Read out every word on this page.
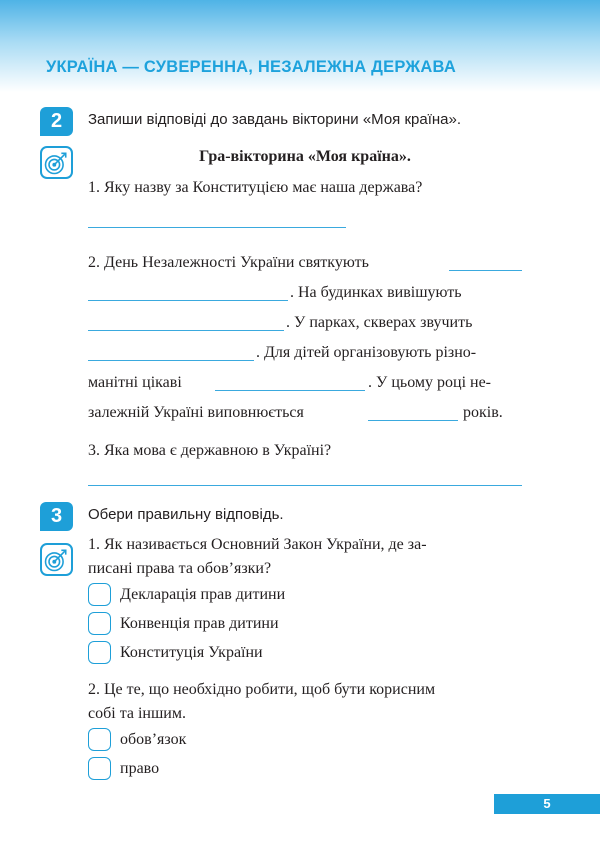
УКРАЇНА — СУВЕРЕННА, НЕЗАЛЕЖНА ДЕРЖАВА
2	Запиши відповіді до завдань вікторини «Моя країна».
Гра-вікторина «Моя країна».
1. Яку назву за Конституцією має наша держава?
2. День Незалежності України святкують
. На будинках вивішують
. У парках, скверах звучить
. Для дітей організовують різно-
манітні цікаві	. У цьому році не-
залежній Україні виповнюється	років.
3. Яка мова є державною в Україні?
3	Обери правильну відповідь.
1. Як називається Основний Закон України, де за-
писані права та обов’язки?
Декларація прав дитини
Конвенція прав дитини
Конституція України
2. Це те, що необхідно робити, щоб бути корисним
собі та іншим.
обов’язок
право
5
